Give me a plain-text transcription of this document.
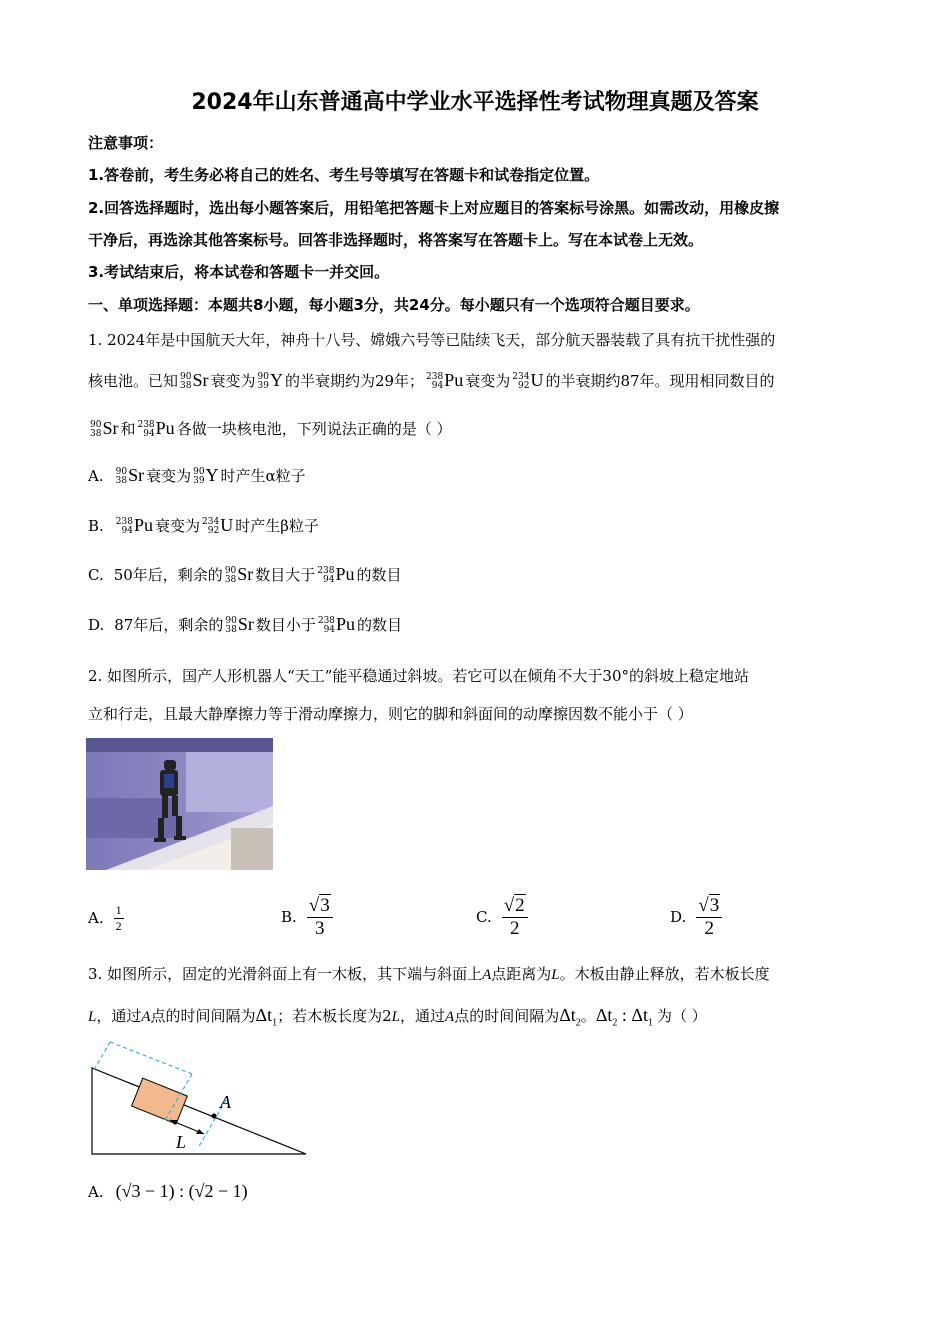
2024年山东普通高中学业水平选择性考试物理真题及答案
注意事项：
1.答卷前，考生务必将自己的姓名、考生号等填写在答题卡和试卷指定位置。
2.回答选择题时，选出每小题答案后，用铅笔把答题卡上对应题目的答案标号涂黑。如需改动，用橡皮擦
干净后，再选涂其他答案标号。回答非选择题时，将答案写在答题卡上。写在本试卷上无效。
3.考试结束后，将本试卷和答题卡一并交回。
一、单项选择题：本题共8小题，每小题3分，共24分。每小题只有一个选项符合题目要求。
1. 2024年是中国航天大年，神舟十八号、嫦娥六号等已陆续飞天，部分航天器装载了具有抗干扰性强的
核电池。已知 90
38 Sr 衰变为 90
39 Y 的半衰期约为29年； 238
94 Pu 衰变为 234
92 U 的半衰期约87年。现用相同数目的
90
38 Sr 和 238
94 Pu 各做一块核电池，下列说法正确的是（ ）
A. 90
38 Sr 衰变为 90
39 Y 时产生α粒子
B. 238
94 Pu 衰变为 234
92 U 时产生β粒子
C. 50年后，剩余的 90
38 Sr 数目大于 238
94 Pu 的数目
D. 87年后，剩余的 90
38 Sr 数目小于 238
94 Pu 的数目
2. 如图所示，国产人形机器人“天工”能平稳通过斜坡。若它可以在倾角不大于30°的斜坡上稳定地站
立和行走，且最大静摩擦力等于滑动摩擦力，则它的脚和斜面间的动摩擦因数不能小于（ ）
A. $\frac{1}{2}$	B. $\frac{√3}{3}$	C. $\frac{√2}{2}$	D. $\frac{√3}{2}$
3. 如图所示，固定的光滑斜面上有一木板，其下端与斜面上A点距离为L。木板由静止释放，若木板长度
L，通过A点的时间间隔为$\Delta t_1$；若木板长度为2L，通过A点的时间间隔为$\Delta t_2$。$\Delta t_2$ : $\Delta t_1$ 为（ ）
A
L
A. (√3 − 1) : (√2 − 1)
